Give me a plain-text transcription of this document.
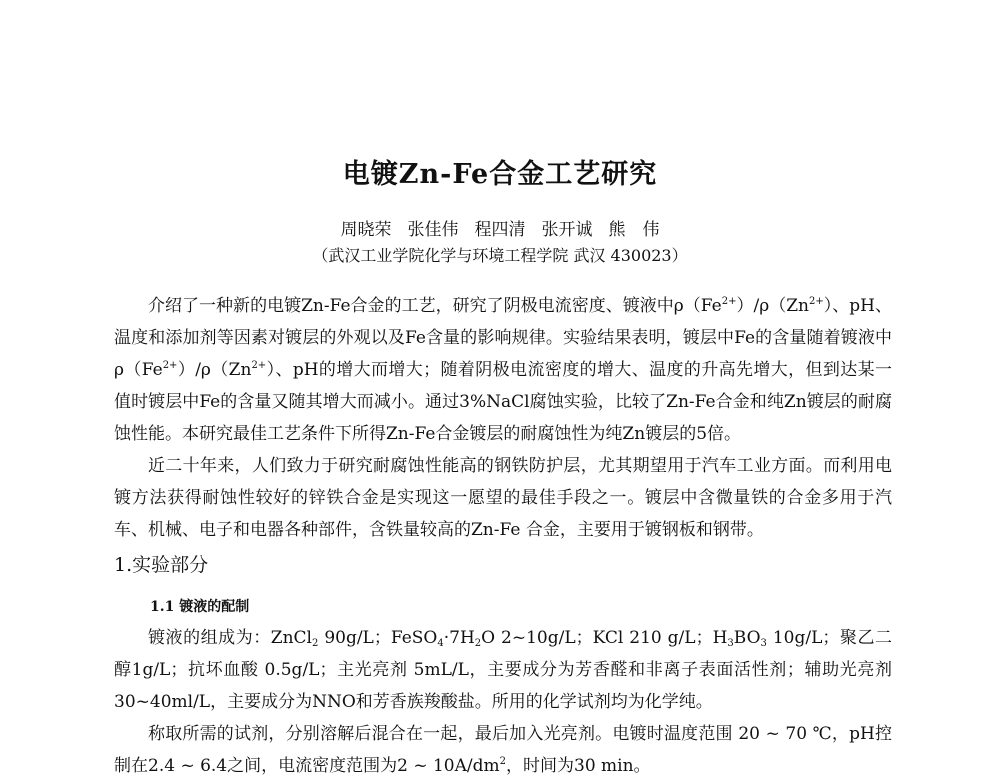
电镀Zn-Fe合金工艺研究
周晓荣 张佳伟 程四清 张开诚 熊　伟
（武汉工业学院化学与环境工程学院 武汉 430023）

介绍了一种新的电镀Zn-Fe合金的工艺，研究了阴极电流密度、镀液中$\rho(Fe^{2+})/\rho(Zn^{2+})$、pH、温度和添加剂等因素对镀层的外观以及Fe含量的影响规律。实验结果表明，镀层中Fe的含量随着镀液中$\rho(Fe^{2+})/\rho(Zn^{2+})$、pH的增大而增大；随着阴极电流密度的增大、温度的升高先增大，但到达某一值时镀层中Fe的含量又随其增大而减小。通过3%NaCl腐蚀实验，比较了Zn-Fe合金和纯Zn镀层的耐腐蚀性能。本研究最佳工艺条件下所得Zn-Fe合金镀层的耐腐蚀性为纯Zn镀层的5倍。

近二十年来，人们致力于研究耐腐蚀性能高的钢铁防护层，尤其期望用于汽车工业方面。而利用电镀方法获得耐蚀性较好的锌铁合金是实现这一愿望的最佳手段之一。镀层中含微量铁的合金多用于汽车、机械、电子和电器各种部件，含铁量较高的Zn-Fe 合金，主要用于镀钢板和钢带。

1.实验部分
1.1 镀液的配制

镀液的组成为：ZnCl$_2$ 90g/L；$FeSO_4\cdot 7H_2O$ 2~10g/L；KCl 210 g/L；$H_3BO_3$ 10g/L；聚乙二醇1g/L；抗坏血酸 0.5g/L；主光亮剂 5mL/L，主要成分为芳香醛和非离子表面活性剂；辅助光亮剂30~40ml/L，主要成分为NNO和芳香族羧酸盐。所用的化学试剂均为化学纯。

称取所需的试剂，分别溶解后混合在一起，最后加入光亮剂。电镀时温度范围 20 ~ 70 ℃，pH控制在2.4 ~ 6.4之间，电流密度范围为2 ~ $10A/dm^2$，时间为30 min。
